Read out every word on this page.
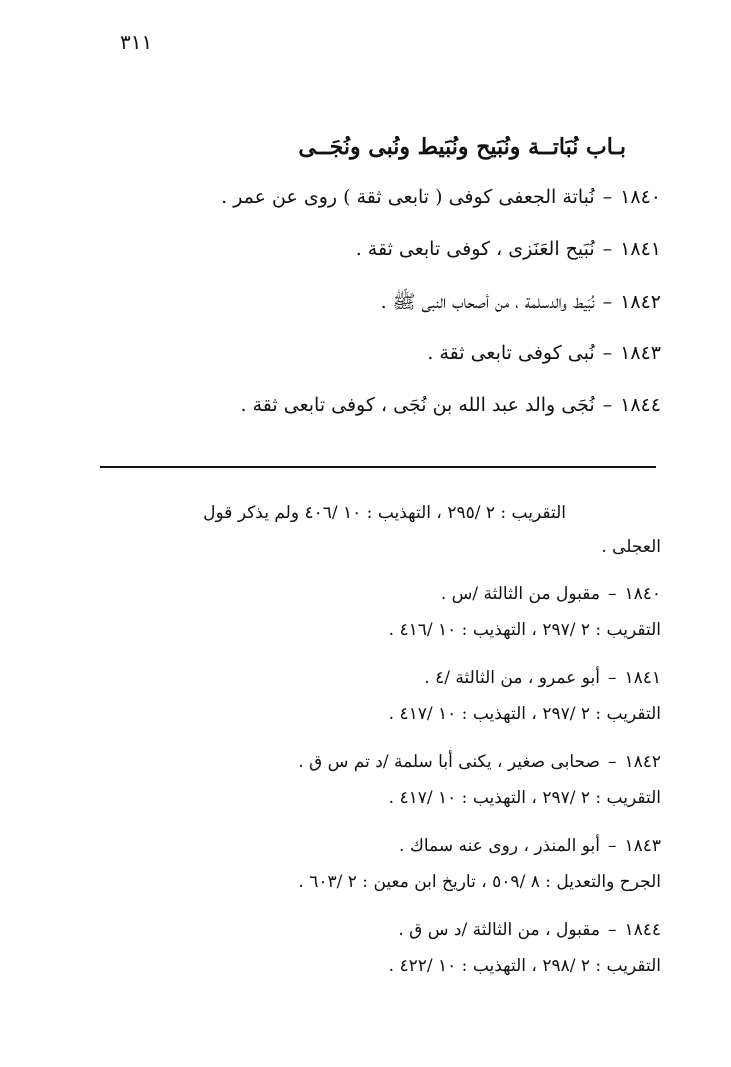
٣١١
بـاب نُبَاتــة ونُبَيح ونُبَيط ونُبى ونُجَــى
١٨٤٠–نُباتة الجعفى كوفى ( تابعى ثقة ) روى عن عمر .
١٨٤١–نُبَيح العَنَزى ، كوفى تابعى ثقة .
١٨٤٢–نُبَيط والدسلمة ، من أصحاب النبى ﷺ .
١٨٤٣–نُبى كوفى تابعى ثقة .
١٨٤٤–نُجَى والد عبد الله بن نُجَى ، كوفى تابعى ثقة .
التقريب : ٢ /٢٩٥ ، التهذيب : ١٠ /٤٠٦ ولم يذكر قول
العجلى .
١٨٤٠–مقبول من الثالثة /س .
التقريب : ٢ /٢٩٧ ، التهذيب : ١٠ /٤١٦ .
١٨٤١–أبو عمرو ، من الثالثة /٤ .
التقريب : ٢ /٢٩٧ ، التهذيب : ١٠ /٤١٧ .
١٨٤٢–صحابى صغير ، يكنى أبا سلمة /د تم س ق .
التقريب : ٢ /٢٩٧ ، التهذيب : ١٠ /٤١٧ .
١٨٤٣–أبو المنذر ، روى عنه سماك .
الجرح والتعديل : ٨ /٥٠٩ ، تاريخ ابن معين : ٢ /٦٠٣ .
١٨٤٤–مقبول ، من الثالثة /د س ق .
التقريب : ٢ /٢٩٨ ، التهذيب : ١٠ /٤٢٢ .
